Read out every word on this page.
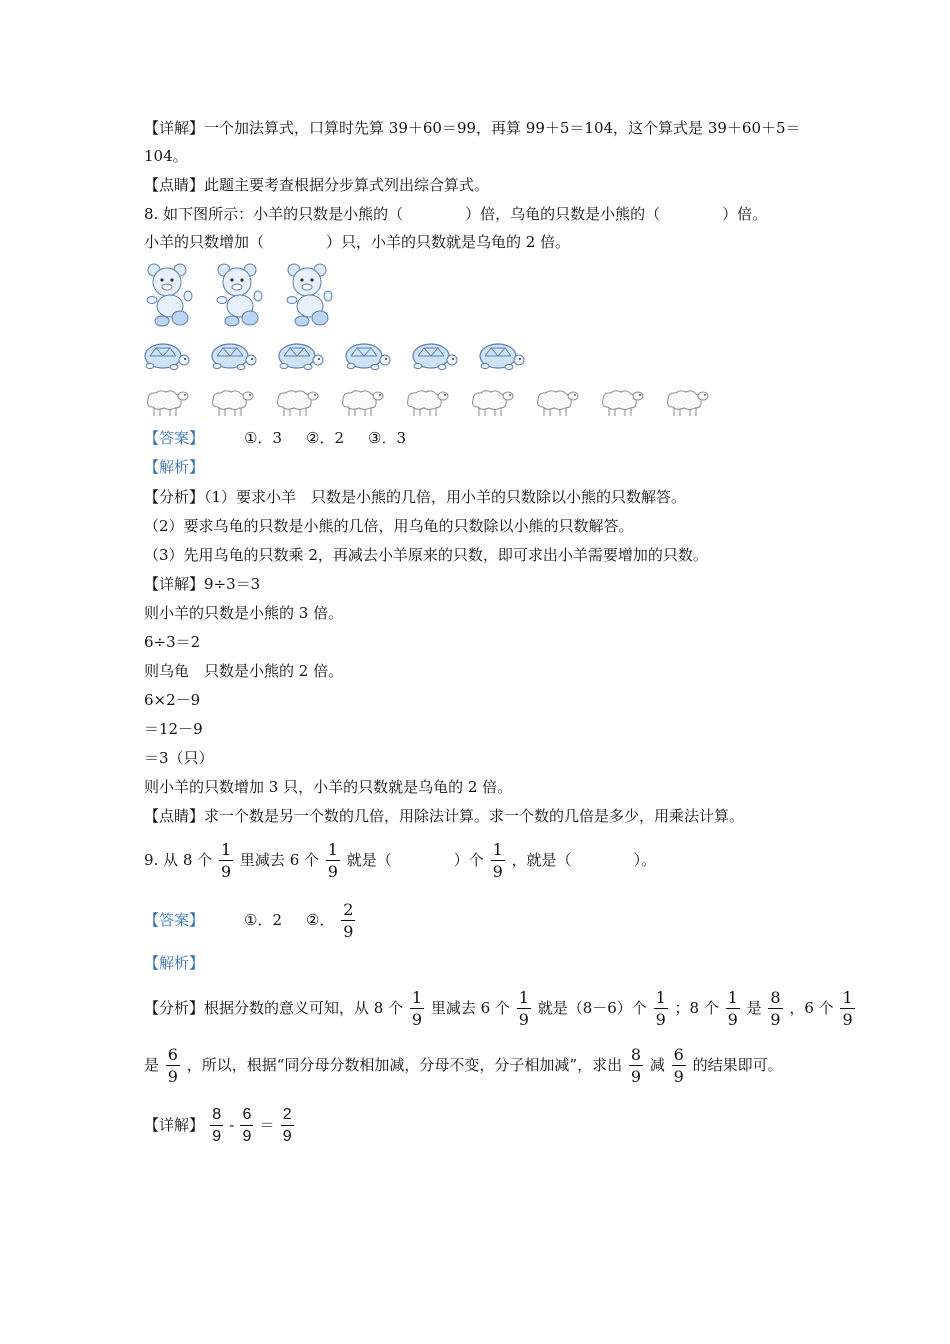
【详解】一个加法算式，口算时先算 39＋60＝99，再算 99＋5＝104，这个算式是 39＋60＋5＝
104。
【点睛】此题主要考查根据分步算式列出综合算式。
8. 如下图所示：小羊的只数是小熊的（	）倍，乌龟的只数是小熊的（	）倍。
小羊的只数增加（	）只，小羊的只数就是乌龟的 2 倍。
【答案】	①．3 ②．2 ③．3
【解析】
【分析】（1）要求小羊　只数是小熊的几倍，用小羊的只数除以小熊的只数解答。
（2）要求乌龟的只数是小熊的几倍，用乌龟的只数除以小熊的只数解答。
（3）先用乌龟的只数乘 2，再减去小羊原来的只数，即可求出小羊需要增加的只数。
【详解】9÷3＝3
则小羊的只数是小熊的 3 倍。
6÷3＝2
则乌龟　只数是小熊的 2 倍。
6×2－9
＝12－9
＝3（只）
则小羊的只数增加 3 只，小羊的只数就是乌龟的 2 倍。
【点睛】求一个数是另一个数的几倍，用除法计算。求一个数的几倍是多少，用乘法计算。
9. 从 8 个 $\frac{1}{9}$ 里减去 6 个 $\frac{1}{9}$ 就是（	）个 $\frac{1}{9}$ ，就是（	）。
【答案】	①．2 ②． $\frac{2}{9}$
【解析】
【分析】根据分数的意义可知，从 8 个 $\frac{1}{9}$ 里减去 6 个 $\frac{1}{9}$ 就是（8－6）个 $\frac{1}{9}$ ；8 个 $\frac{1}{9}$ 是 $\frac{8}{9}$ ，6 个 $\frac{1}{9}$
是 $\frac{6}{9}$ ，所以，根据“同分母分数相加减，分母不变，分子相加减”，求出 $\frac{8}{9}$ 减 $\frac{6}{9}$ 的结果即可。
【详解】 $\frac{8}{9} - \frac{6}{9} = \frac{2}{9}$
